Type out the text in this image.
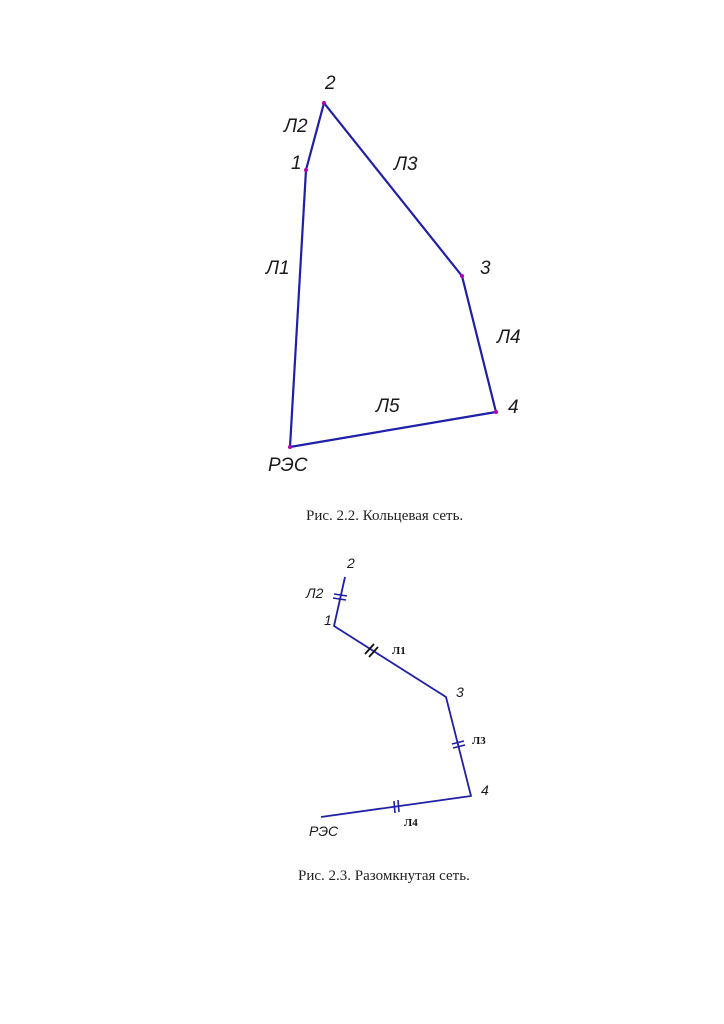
2
1
3
4
РЭС
Л2
Л3
Л1
Л4
Л5
2
1
3
4
РЭС
Л2
Л1
Л3
Л4
Рис. 2.2. Кольцевая сеть.
Рис. 2.3. Разомкнутая сеть.
